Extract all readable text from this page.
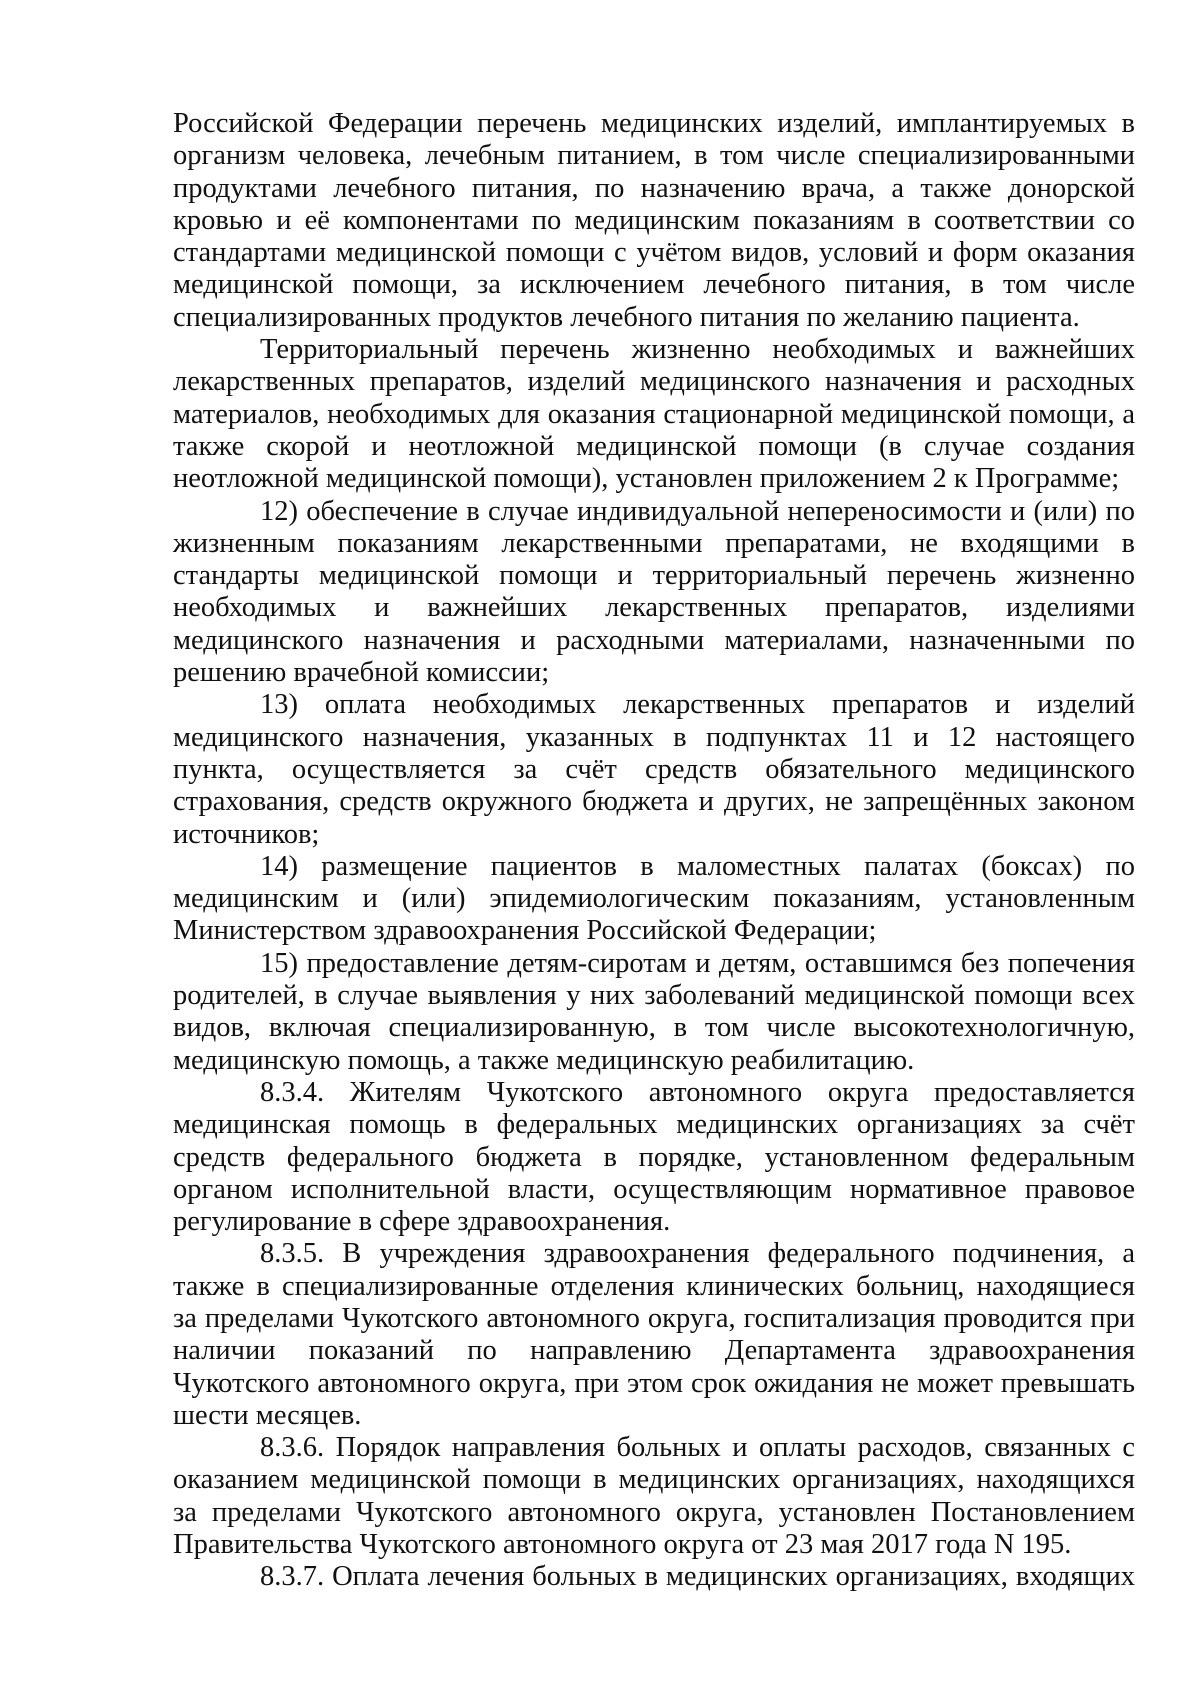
Российской Федерации перечень медицинских изделий, имплантируемых в организм человека, лечебным питанием, в том числе специализированными продуктами лечебного питания, по назначению врача, а также донорской кровью и её компонентами по медицинским показаниям в соответствии со стандартами медицинской помощи с учётом видов, условий и форм оказания медицинской помощи, за исключением лечебного питания, в том числе специализированных продуктов лечебного питания по желанию пациента.

Территориальный перечень жизненно необходимых и важнейших лекарственных препаратов, изделий медицинского назначения и расходных материалов, необходимых для оказания стационарной медицинской помощи, а также скорой и неотложной медицинской помощи (в случае создания неотложной медицинской помощи), установлен приложением 2 к Программе;

12) обеспечение в случае индивидуальной непереносимости и (или) по жизненным показаниям лекарственными препаратами, не входящими в стандарты медицинской помощи и территориальный перечень жизненно необходимых и важнейших лекарственных препаратов, изделиями медицинского назначения и расходными материалами, назначенными по решению врачебной комиссии;

13) оплата необходимых лекарственных препаратов и изделий медицинского назначения, указанных в подпунктах 11 и 12 настоящего пункта, осуществляется за счёт средств обязательного медицинского страхования, средств окружного бюджета и других, не запрещённых законом источников;

14) размещение пациентов в маломестных палатах (боксах) по медицинским и (или) эпидемиологическим показаниям, установленным Министерством здравоохранения Российской Федерации;

15) предоставление детям-сиротам и детям, оставшимся без попечения родителей, в случае выявления у них заболеваний медицинской помощи всех видов, включая специализированную, в том числе высокотехнологичную, медицинскую помощь, а также медицинскую реабилитацию.

8.3.4. Жителям Чукотского автономного округа предоставляется медицинская помощь в федеральных медицинских организациях за счёт средств федерального бюджета в порядке, установленном федеральным органом исполнительной власти, осуществляющим нормативное правовое регулирование в сфере здравоохранения.

8.3.5. В учреждения здравоохранения федерального подчинения, а также в специализированные отделения клинических больниц, находящиеся за пределами Чукотского автономного округа, госпитализация проводится при наличии показаний по направлению Департамента здравоохранения Чукотского автономного округа, при этом срок ожидания не может превышать шести месяцев.

8.3.6. Порядок направления больных и оплаты расходов, связанных с оказанием медицинской помощи в медицинских организациях, находящихся за пределами Чукотского автономного округа, установлен Постановлением Правительства Чукотского автономного округа от 23 мая 2017 года N 195.

8.3.7. Оплата лечения больных в медицинских организациях, входящих
